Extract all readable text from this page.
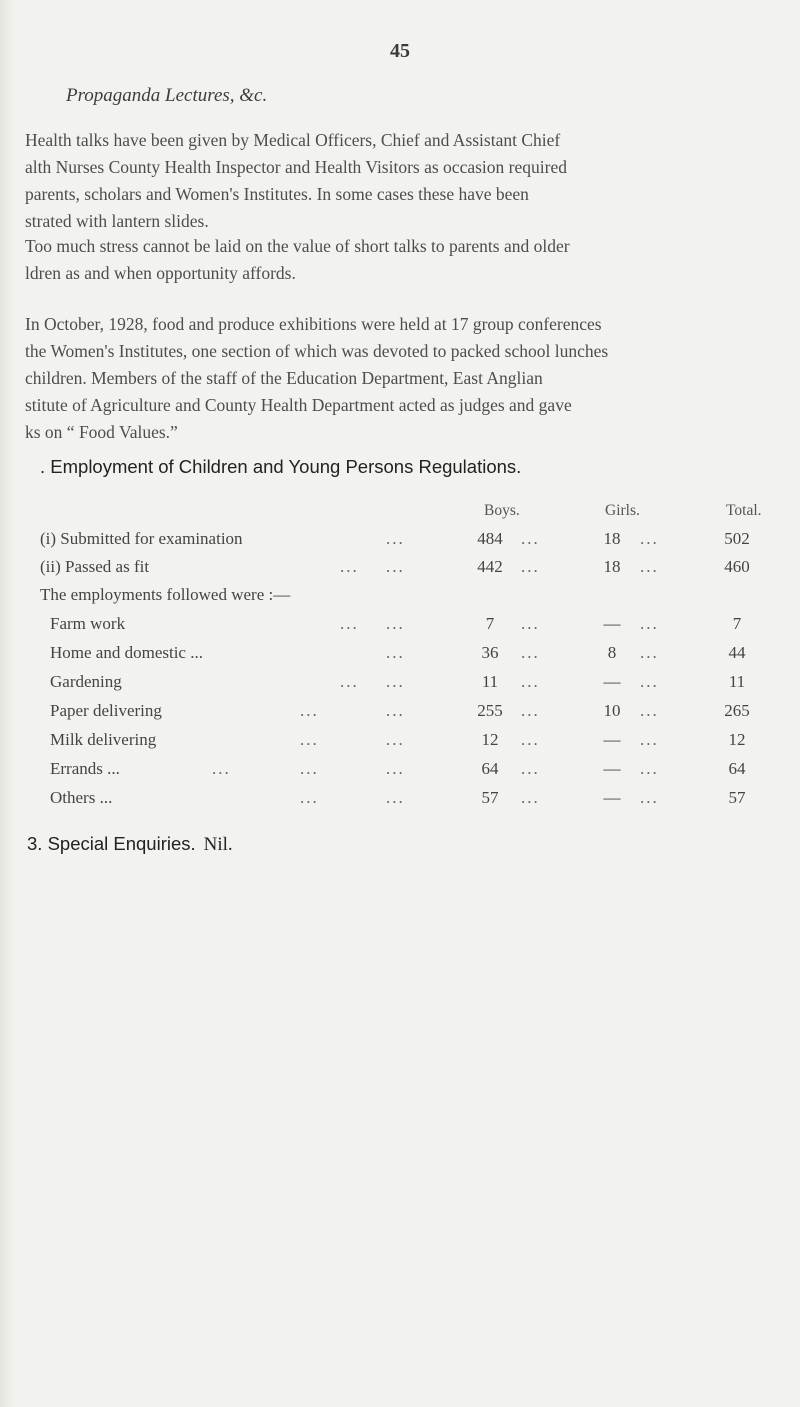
45
Propaganda Lectures, &c.
Health talks have been given by Medical Officers, Chief and Assistant Chief
alth Nurses County Health Inspector and Health Visitors as occasion required
parents, scholars and Women's Institutes. In some cases these have been
strated with lantern slides.
Too much stress cannot be laid on the value of short talks to parents and older
ldren as and when opportunity affords.
In October, 1928, food and produce exhibitions were held at 17 group conferences
the Women's Institutes, one section of which was devoted to packed school lunches
children. Members of the staff of the Education Department, East Anglian
stitute of Agriculture and County Health Department acted as judges and gave
ks on “ Food Values.”
. Employment of Children and Young Persons Regulations.
Boys.	Girls.	Total.
(i) Submitted for examination	...	484	...	18	...	502
(ii) Passed as fit	... ...	442	...	18	...	460
The employments followed were :—
Farm work	... ...	7	...	—	...	7
Home and domestic ...	...	36	...	8	...	44
Gardening	... ...	11	...	—	...	11
Paper delivering	...	...	255	...	10	...	265
Milk delivering	...	...	12	...	—	...	12
Errands ...	...	...	...	64	...	—	...	64
Others ...	...	...	57	...	—	...	57
3. Special Enquiries. Nil.
